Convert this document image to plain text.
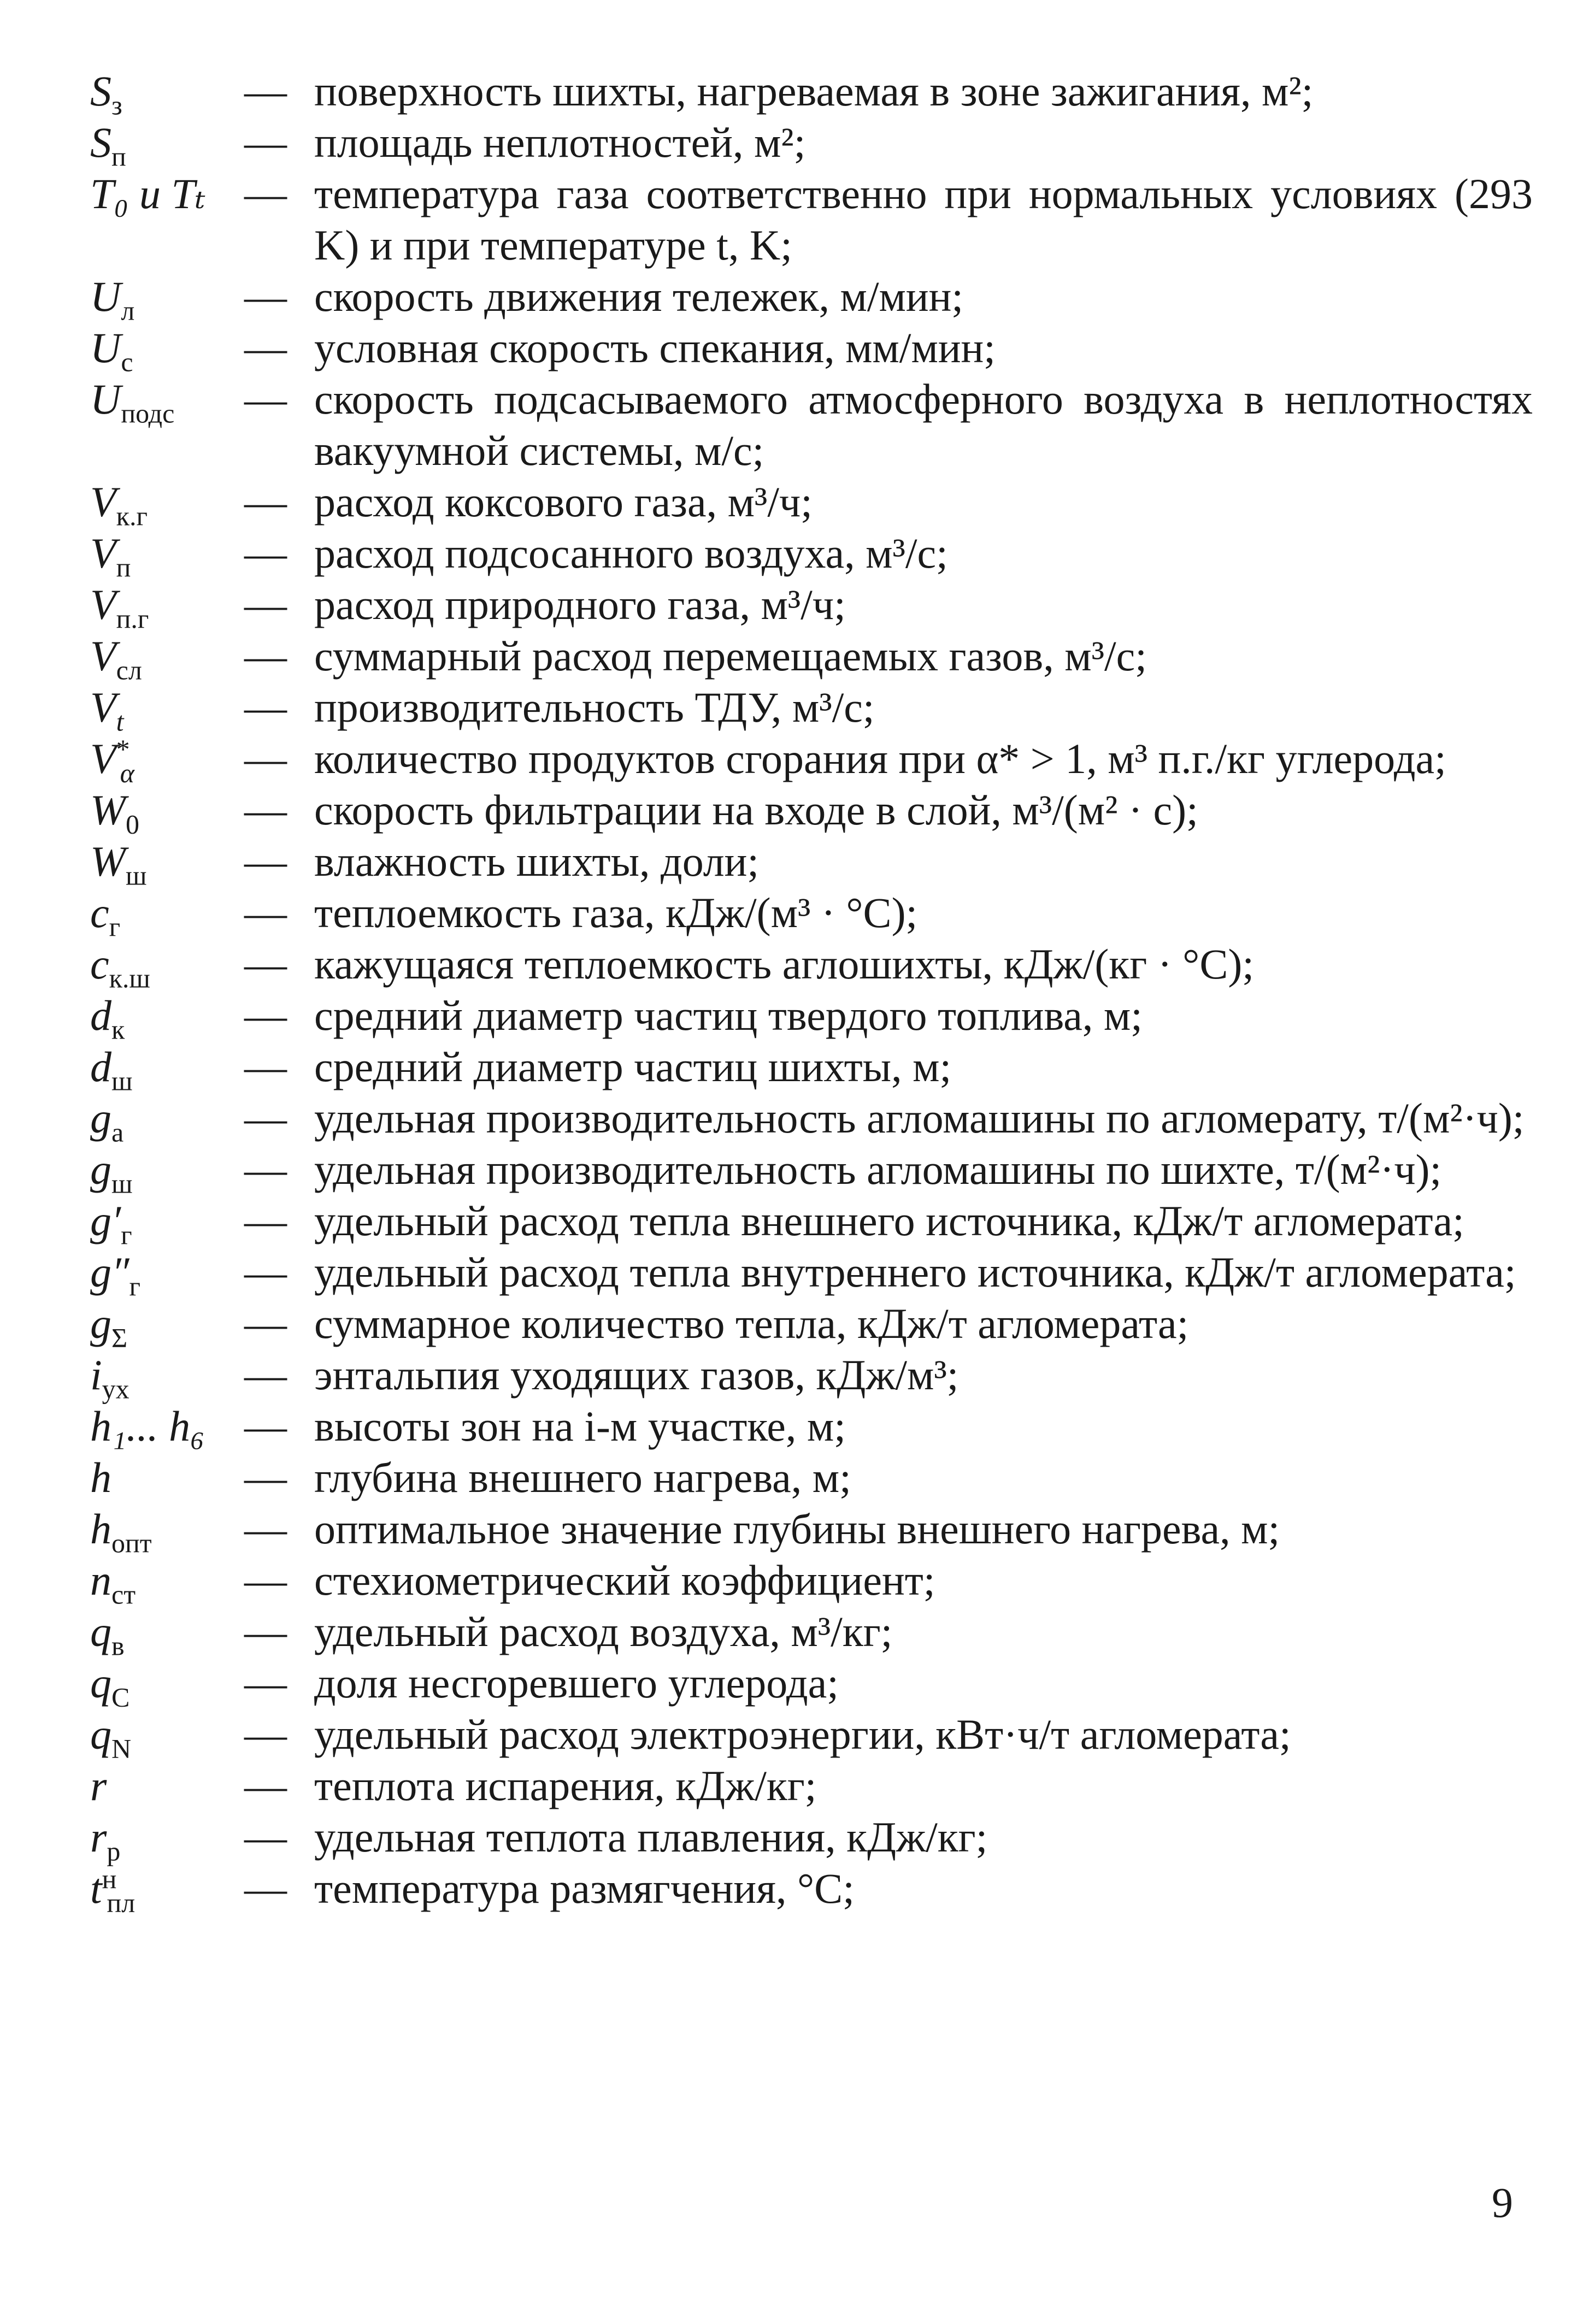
$S_з$	— поверхность шихты, нагреваемая в зоне зажигания, м²;
$S_п$	— площадь неплотностей, м²;
T₀ и Tₜ — температура газа соответственно при нормальных условиях (293 K) и при температуре t, K;
$U_л$	— скорость движения тележек, м/мин;
$U_с$	— условная скорость спекания, мм/мин;
$U_{подс}$	— скорость подсасываемого атмосферного воздуха в неплотностях вакуумной системы, м/с;
$V_{к.г}$	— расход коксового газа, м³/ч;
$V_п$	— расход подсосанного воздуха, м³/с;
$V_{п.г}$	— расход природного газа, м³/ч;
$V_{сл}$	— суммарный расход перемещаемых газов, м³/с;
$V_t$	— производительность ТДУ, м³/с;
$V^*_\alpha$	— количество продуктов сгорания при α* > 1, м³ п.г./кг углерода;
$W_0$	— скорость фильтрации на входе в слой, м³/(м² · с);
$W_ш$	— влажность шихты, доли;
$c_г$	— теплоемкость газа, кДж/(м³ · °С);
$c_{к.ш}$	— кажущаяся теплоемкость аглошихты, кДж/(кг · °С);
$d_к$	— средний диаметр частиц твердого топлива, м;
$d_ш$	— средний диаметр частиц шихты, м;
$g_а$	— удельная производительность агломашины по агломерату, т/(м²·ч);
$g_ш$	— удельная производительность агломашины по шихте, т/(м²·ч);
$g'_г$	— удельный расход тепла внешнего источника, кДж/т агломерата;
$g''_г$	— удельный расход тепла внутреннего источника, кДж/т агломерата;
$g_\Sigma$	— суммарное количество тепла, кДж/т агломерата;
$i_{ух}$	— энтальпия уходящих газов, кДж/м³;
h₁... h₆ — высоты зон на i-м участке, м;
h	— глубина внешнего нагрева, м;
$h_{опт}$	— оптимальное значение глубины внешнего нагрева, м;
$n_{ст}$	— стехиометрический коэффициент;
$q_в$	— удельный расход воздуха, м³/кг;
$q_C$	— доля несгоревшего углерода;
$q_N$	— удельный расход электроэнергии, кВт·ч/т агломерата;
r	— теплота испарения, кДж/кг;
$r_р$	— удельная теплота плавления, кДж/кг;
$t^н_{пл}$	— температура размягчения, °С;
9
